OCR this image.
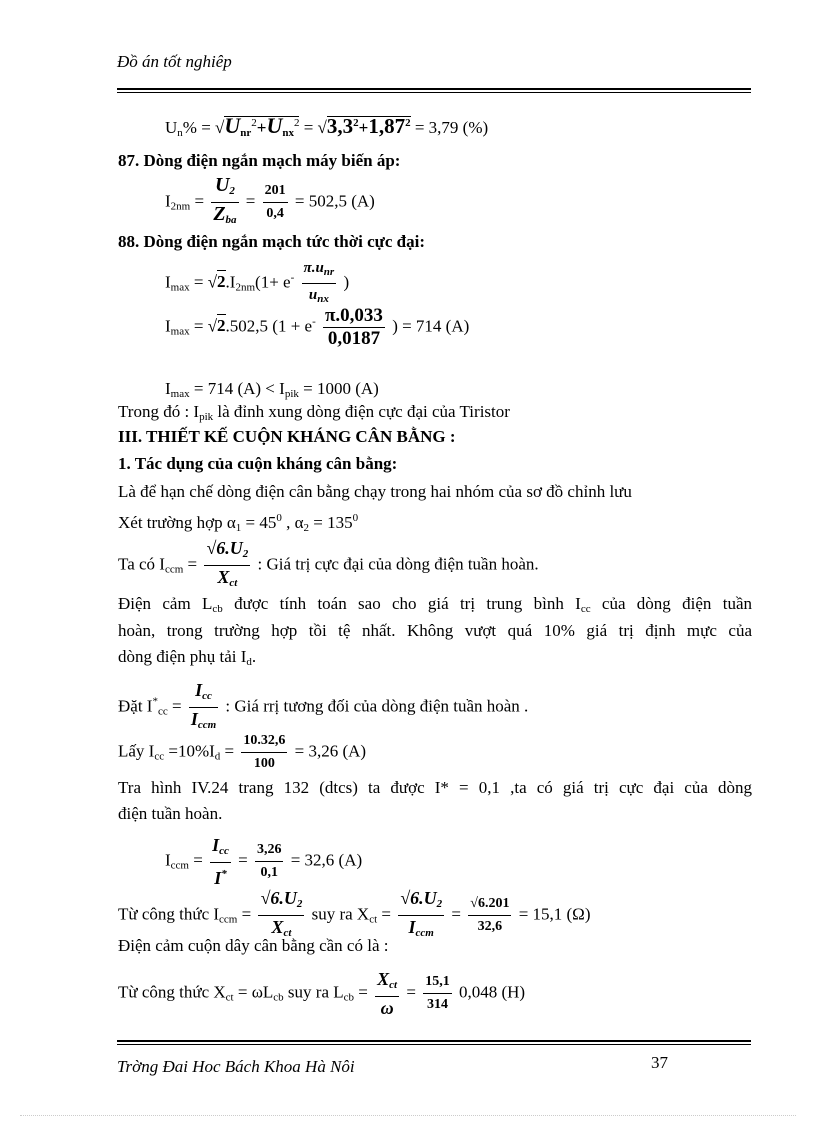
Đồ án tốt nghiêp
$U_n\% = √U_{nr}^2+U_{nx}^2 = √3,3^2+1,87^2 = 3,79$ (%)
87. Dòng điện ngắn mạch máy biến áp:
$I_{2nm} = \frac{U_2}{Z_{ba}} = \frac{201}{0,4} = 502,5$ (A)
88. Dòng điện ngắn mạch tức thời cực đại:
$I_{max} = √2.I_{2nm}(1+ e^- \frac{\pi.u_{nr}}{u_{nx}}$ )
$I_{max} = √2.502,5$ ($1 + e^- \frac{\pi.0,033}{0,0187}$ ) = 714 (A)
$I_{max} = 714$ $(A) < I_{pik} = 1000$ (A)
Trong đó : $I_{pik}$ là đỉnh xung dòng điện cực đại của Tiristor
III. THIẾT KẾ CUỘN KHÁNG CÂN BẰNG :
1. Tác dụng của cuộn kháng cân bằng:
Là để hạn chế dòng điện cân bằng chạy trong hai nhóm của sơ đồ chỉnh lưu
Xét trường hợp $\alpha_1 = 45^0$ , $\alpha_2 = 135^0$
Ta có $I_{ccm} = \frac{√6.U_2}{X_{ct}}$ : Giá trị cực đại của dòng điện tuần hoàn.
Điện cảm $L_{cb}$ được tính toán sao cho giá trị trung bình $I_{cc}$ của dòng điện tuần
hoàn, trong trường hợp tồi tệ nhất. Không vượt quá 10% giá trị định mực của
dòng điện phụ tải $I_d$.
Đặt $I^*_{cc} = \frac{I_{cc}}{I_{ccm}}$ : Giá rrị tương đối của dòng điện tuần hoàn .
Lấy $I_{cc} =10\%I_d = \frac{10.32,6}{100} = 3,26$ (A)
Tra hình IV.24 trang 132 (dtcs) ta được I* = 0,1 ,ta có giá trị cực đại của dòng
điện tuần hoàn.
$I_{ccm} = \frac{I_{cc}}{I^*} = \frac{3,26}{0,1} = 32,6$ (A)
Từ công thức $I_{ccm} = \frac{√6.U_2}{X_{ct}}$ suy ra $X_{ct} = \frac{√6.U_2}{I_{ccm}} = \frac{√6.201}{32,6} = 15,1$ (Ω)
Điện cảm cuộn dây cân bằng cần có là :
Từ công thức $X_{ct} = \omega L_{cb}$ suy ra $L_{cb} = \frac{X_{ct}}{\omega} = \frac{15,1}{314} 0,048$ (H)
Trờng Đai Hoc Bách Khoa Hà Nôi	37
